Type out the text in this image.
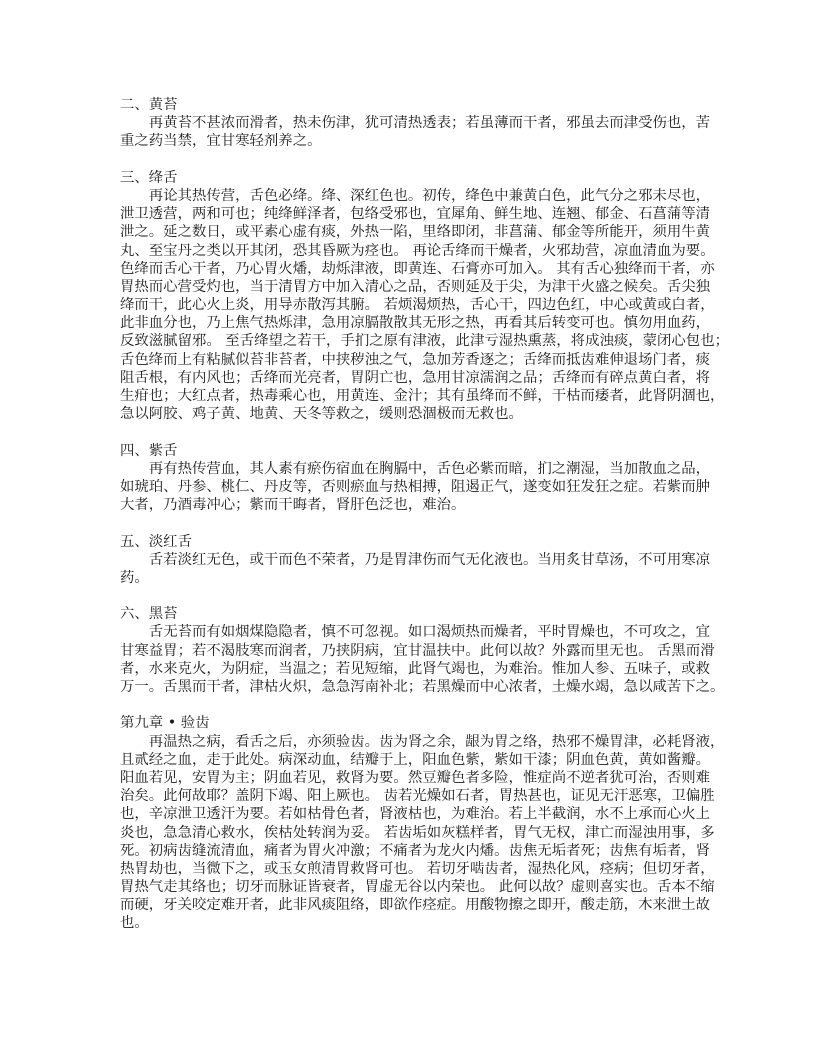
二、黄苔
再黄苔不甚浓而滑者，热未伤津，犹可清热透表；若虽薄而干者，邪虽去而津受伤也，苦
重之药当禁，宜甘寒轻剂养之。
三、绛舌
再论其热传营，舌色必绛。绛、深红色也。初传，绛色中兼黄白色，此气分之邪未尽也，
泄卫透营，两和可也；纯绛鲜泽者，包络受邪也，宜犀角、鲜生地、连翘、郁金、石菖蒲等清
泄之。延之数日，或平素心虚有痰，外热一陷，里络即闭，非菖蒲、郁金等所能开，须用牛黄
丸、至宝丹之类以开其闭，恐其昏厥为痉也。 再论舌绛而干燥者，火邪劫营，凉血清血为要。
色绛而舌心干者，乃心胃火燔，劫烁津液，即黄连、石膏亦可加入。 其有舌心独绛而干者，亦
胃热而心营受灼也，当于清胃方中加入清心之品，否则延及于尖，为津干火盛之候矣。舌尖独
绛而干，此心火上炎，用导赤散泻其腑。 若烦渴烦热，舌心干，四边色红，中心或黄或白者，
此非血分也，乃上焦气热烁津，急用凉膈散散其无形之热，再看其后转变可也。慎勿用血药，
反致滋腻留邪。 至舌绛望之若干，手扪之原有津液，此津亏湿热熏蒸，将成浊痰，蒙闭心包也；
舌色绛而上有粘腻似苔非苔者，中挟秽浊之气，急加芳香逐之；舌绛而抵齿难伸退场门者，痰
阻舌根，有内风也；舌绛而光亮者，胃阴亡也，急用甘凉濡润之品；舌绛而有碎点黄白者，将
生疳也；大红点者，热毒乘心也，用黄连、金汁；其有虽绛而不鲜，干枯而痿者，此肾阴涸也，
急以阿胶、鸡子黄、地黄、天冬等救之，缓则恐涸极而无救也。
四、紫舌
再有热传营血，其人素有瘀伤宿血在胸膈中，舌色必紫而暗，扪之潮湿，当加散血之品，
如琥珀、丹参、桃仁、丹皮等，否则瘀血与热相搏，阻遏正气，遂变如狂发狂之症。若紫而肿
大者，乃酒毒冲心；紫而干晦者，肾肝色泛也，难治。
五、淡红舌
舌若淡红无色，或干而色不荣者，乃是胃津伤而气无化液也。当用炙甘草汤，不可用寒凉
药。
六、黑苔
舌无苔而有如烟煤隐隐者，慎不可忽视。如口渴烦热而燥者，平时胃燥也，不可攻之，宜
甘寒益胃；若不渴肢寒而润者，乃挟阴病，宜甘温扶中。此何以故？外露而里无也。 舌黑而滑
者，水来克火，为阴症，当温之；若见短缩，此肾气竭也，为难治。惟加人参、五味子，或救
万一。舌黑而干者，津枯火炽，急急泻南补北；若黑燥而中心浓者，土燥水竭，急以咸苦下之。
第九章 • 验齿
再温热之病，看舌之后，亦须验齿。齿为肾之余，龈为胃之络，热邪不燥胃津，必耗肾液，
且贰经之血，走于此处。病深动血，结瓣于上，阳血色紫，紫如干漆；阴血色黄，黄如酱瓣。
阳血若见，安胃为主；阴血若见，救肾为要。然豆瓣色者多险，惟症尚不逆者犹可治，否则难
治矣。此何故耶？盖阴下竭、阳上厥也。 齿若光燥如石者，胃热甚也，证见无汗恶寒，卫偏胜
也，辛凉泄卫透汗为要。若如枯骨色者，肾液枯也，为难治。若上半截润，水不上承而心火上
炎也，急急清心救水，俟枯处转润为妥。 若齿垢如灰糕样者，胃气无权，津亡而湿浊用事，多
死。初病齿缝流清血，痛者为胃火冲激；不痛者为龙火内燔。齿焦无垢者死；齿焦有垢者，肾
热胃劫也，当微下之，或玉女煎清胃救肾可也。 若切牙啮齿者，湿热化风，痉病；但切牙者，
胃热气走其络也；切牙而脉证皆衰者，胃虚无谷以内荣也。 此何以故？虚则喜实也。舌本不缩
而硬，牙关咬定难开者，此非风痰阻络，即欲作痉症。用酸物擦之即开，酸走筋，木来泄土故
也。
